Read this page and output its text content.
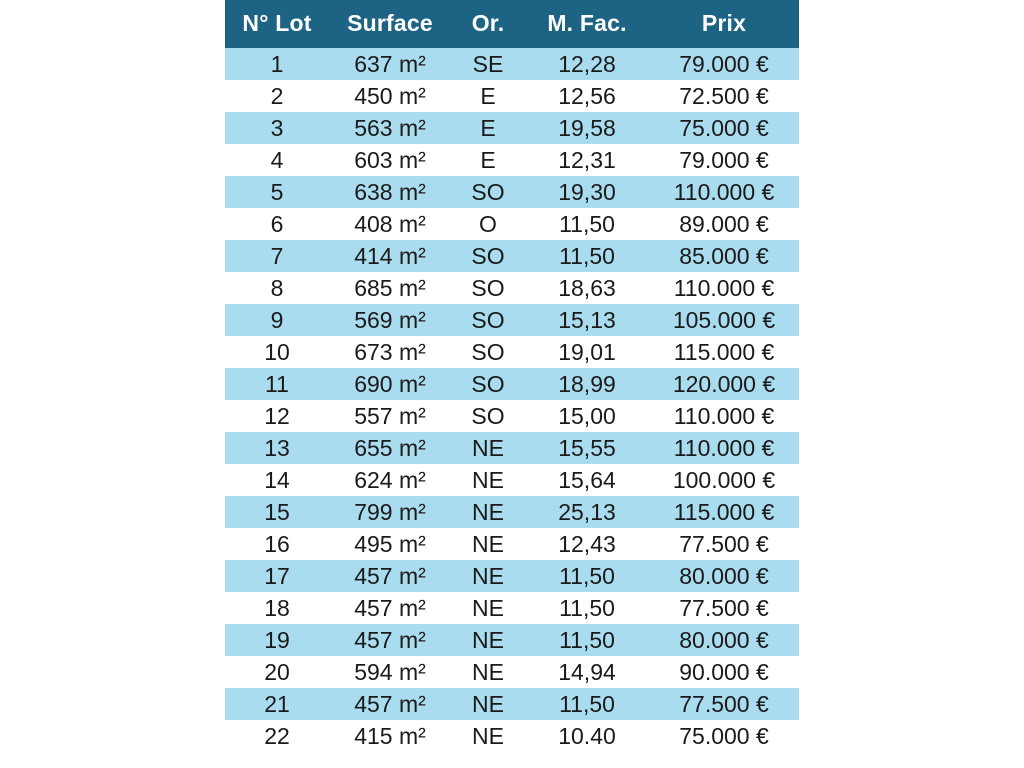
N° Lot	Surface	Or.	M. Fac.	Prix
1	637 m²	SE	12,28	79.000 €
2	450 m²	E	12,56	72.500 €
3	563 m²	E	19,58	75.000 €
4	603 m²	E	12,31	79.000 €
5	638 m²	SO	19,30	110.000 €
6	408 m²	O	11,50	89.000 €
7	414 m²	SO	11,50	85.000 €
8	685 m²	SO	18,63	110.000 €
9	569 m²	SO	15,13	105.000 €
10	673 m²	SO	19,01	115.000 €
11	690 m²	SO	18,99	120.000 €
12	557 m²	SO	15,00	110.000 €
13	655 m²	NE	15,55	110.000 €
14	624 m²	NE	15,64	100.000 €
15	799 m²	NE	25,13	115.000 €
16	495 m²	NE	12,43	77.500 €
17	457 m²	NE	11,50	80.000 €
18	457 m²	NE	11,50	77.500 €
19	457 m²	NE	11,50	80.000 €
20	594 m²	NE	14,94	90.000 €
21	457 m²	NE	11,50	77.500 €
22	415 m²	NE	10.40	75.000 €
